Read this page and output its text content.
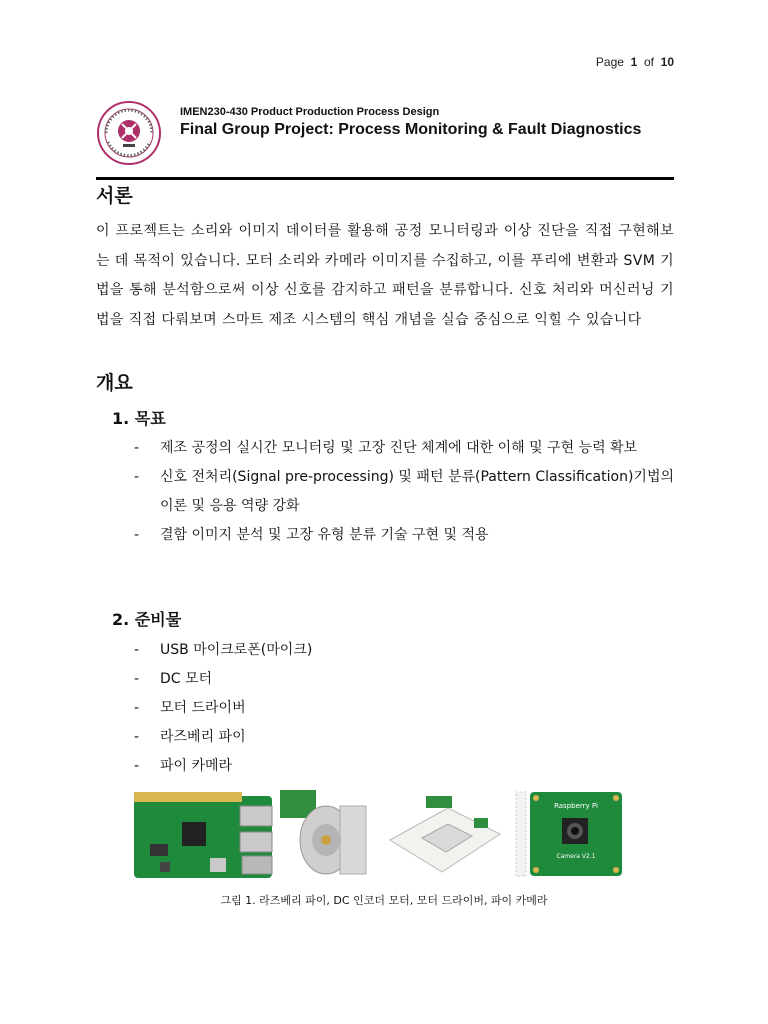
Page 1 of 10
IMEN230-430 Product Production Process Design
Final Group Project: Process Monitoring & Fault Diagnostics
서론
이 프로젝트는 소리와 이미지 데이터를 활용해 공정 모니터링과 이상 진단을 직접 구현해보는 데 목적이 있습니다. 모터 소리와 카메라 이미지를 수집하고, 이를 푸리에 변환과 SVM 기법을 통해 분석함으로써 이상 신호를 감지하고 패턴을 분류합니다. 신호 처리와 머신러닝 기법을 직접 다뤄보며 스마트 제조 시스템의 핵심 개념을 실습 중심으로 익힐 수 있습니다
개요
1. 목표
- 제조 공정의 실시간 모니터링 및 고장 진단 체계에 대한 이해 및 구현 능력 확보
- 신호 전처리(Signal pre-processing) 및 패턴 분류(Pattern Classification)기법의 이론 및 응용 역량 강화
- 결함 이미지 분석 및 고장 유형 분류 기술 구현 및 적용
2. 준비물
- USB 마이크로폰(마이크)
- DC 모터
- 모터 드라이버
- 라즈베리 파이
- 파이 카메라
Raspberry Pi
Camera V2.1
그림 1. 라즈베리 파이, DC 인코더 모터, 모터 드라이버, 파이 카메라
